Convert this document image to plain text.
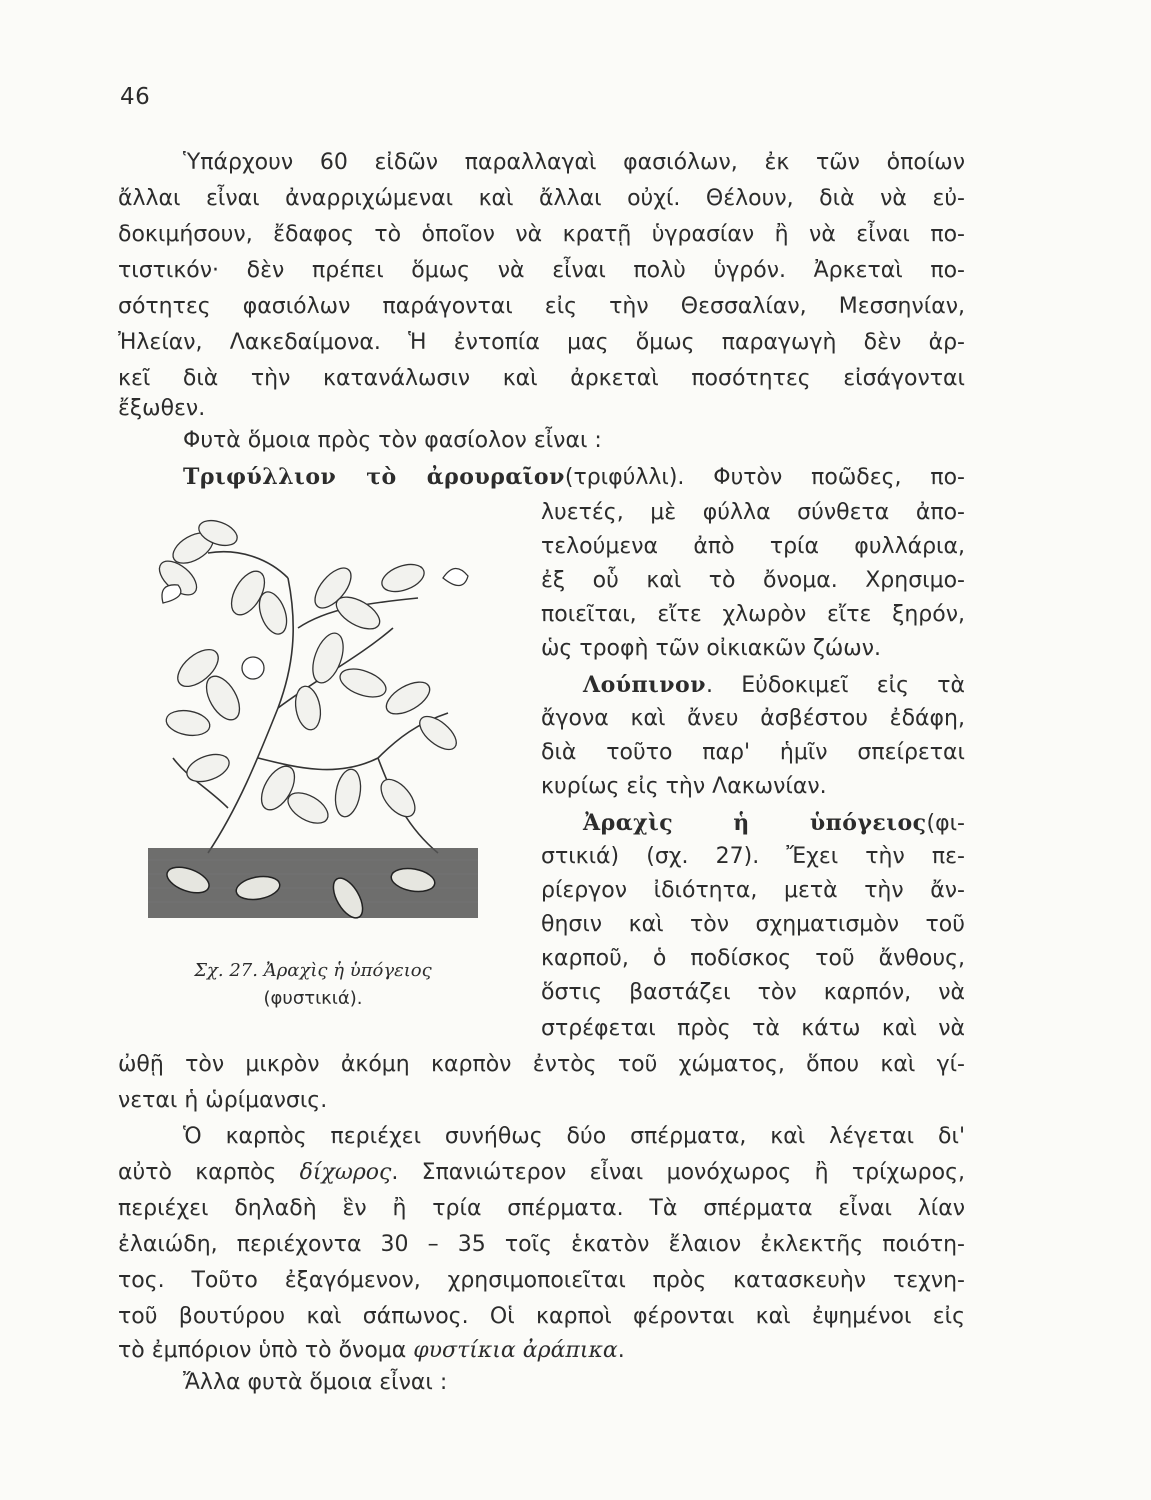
46
Ὑπάρχουν 60 εἰδῶν παραλλαγαὶ φασιόλων, ἐκ τῶν ὁποίων
ἄλλαι εἶναι ἀναρριχώμεναι καὶ ἄλλαι οὐχί. Θέλουν, διὰ νὰ εὐ-
δοκιμήσουν, ἔδαφος τὸ ὁποῖον νὰ κρατῇ ὑγρασίαν ἢ νὰ εἶναι πο-
τιστικόν· δὲν πρέπει ὅμως νὰ εἶναι πολὺ ὑγρόν. Ἀρκεταὶ πο-
σότητες φασιόλων παράγονται εἰς τὴν Θεσσαλίαν, Μεσσηνίαν,
Ἠλείαν, Λακεδαίμονα. Ἡ ἐντοπία μας ὅμως παραγωγὴ δὲν ἀρ-
κεῖ διὰ τὴν κατανάλωσιν καὶ ἀρκεταὶ ποσότητες εἰσάγονται
ἔξωθεν.
Φυτὰ ὅμοια πρὸς τὸν φασίολον εἶναι :
Τριφύλλιον τὸ ἀρουραῖον(τριφύλλι). Φυτὸν ποῶδες, πο-
λυετές, μὲ φύλλα σύνθετα ἀπο-
τελούμενα ἀπὸ τρία φυλλάρια,
ἐξ οὗ καὶ τὸ ὄνομα. Χρησιμο-
ποιεῖται, εἴτε χλωρὸν εἴτε ξηρόν,
ὡς τροφὴ τῶν οἰκιακῶν ζώων.
Λούπινον. Εὐδοκιμεῖ εἰς τὰ
ἄγονα καὶ ἄνευ ἀσβέστου ἐδάφη,
διὰ τοῦτο παρ' ἡμῖν σπείρεται
κυρίως εἰς τὴν Λακωνίαν.
Ἀραχὶς ἡ ὑπόγειος(φι-
στικιά) (σχ. 27). Ἔχει τὴν πε-
ρίεργον ἰδιότητα, μετὰ τὴν ἄν-
θησιν καὶ τὸν σχηματισμὸν τοῦ
καρποῦ, ὁ ποδίσκος τοῦ ἄνθους,
ὅστις βαστάζει τὸν καρπόν, νὰ
στρέφεται πρὸς τὰ κάτω καὶ νὰ
ὠθῇ τὸν μικρὸν ἀκόμη καρπὸν ἐντὸς τοῦ χώματος, ὅπου καὶ γί-
νεται ἡ ὡρίμανσις.
Ὁ καρπὸς περιέχει συνήθως δύο σπέρματα, καὶ λέγεται δι'
αὐτὸ καρπὸς δίχωρος. Σπανιώτερον εἶναι μονόχωρος ἢ τρίχωρος,
περιέχει δηλαδὴ ἓν ἢ τρία σπέρματα. Τὰ σπέρματα εἶναι λίαν
ἐλαιώδη, περιέχοντα 30 – 35 τοῖς ἑκατὸν ἔλαιον ἐκλεκτῆς ποιότη-
τος. Τοῦτο ἐξαγόμενον, χρησιμοποιεῖται πρὸς κατασκευὴν τεχνη-
τοῦ βουτύρου καὶ σάπωνος. Οἱ καρποὶ φέρονται καὶ ἐψημένοι εἰς
τὸ ἐμπόριον ὑπὸ τὸ ὄνομα φυστίκια ἀράπικα.
Ἄλλα φυτὰ ὅμοια εἶναι :
Σχ. 27. Ἀραχὶς ἡ ὑπόγειος
(φυστικιά).
